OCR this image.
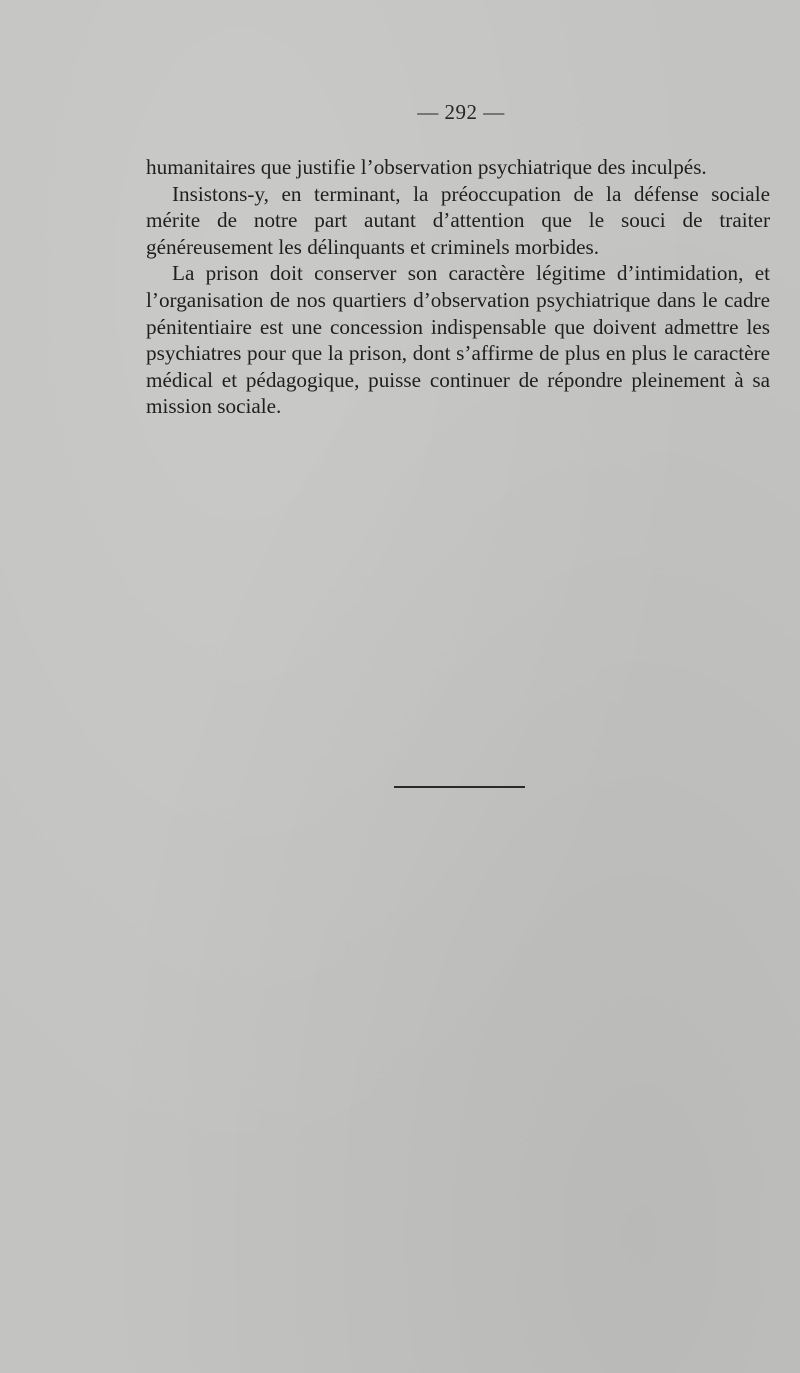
— 292 —

humanitaires que justifie l’observation psychiatrique des inculpés.

Insistons-y, en terminant, la préoccupation de la défense sociale mérite de notre part autant d’attention que le souci de traiter généreusement les délinquants et criminels morbides.

La prison doit conserver son caractère légitime d’intimidation, et l’organisation de nos quartiers d’observation psychiatrique dans le cadre pénitentiaire est une concession indispensable que doivent admettre les psychiatres pour que la prison, dont s’affirme de plus en plus le caractère médical et pédagogique, puisse continuer de répondre pleinement à sa mission sociale.
